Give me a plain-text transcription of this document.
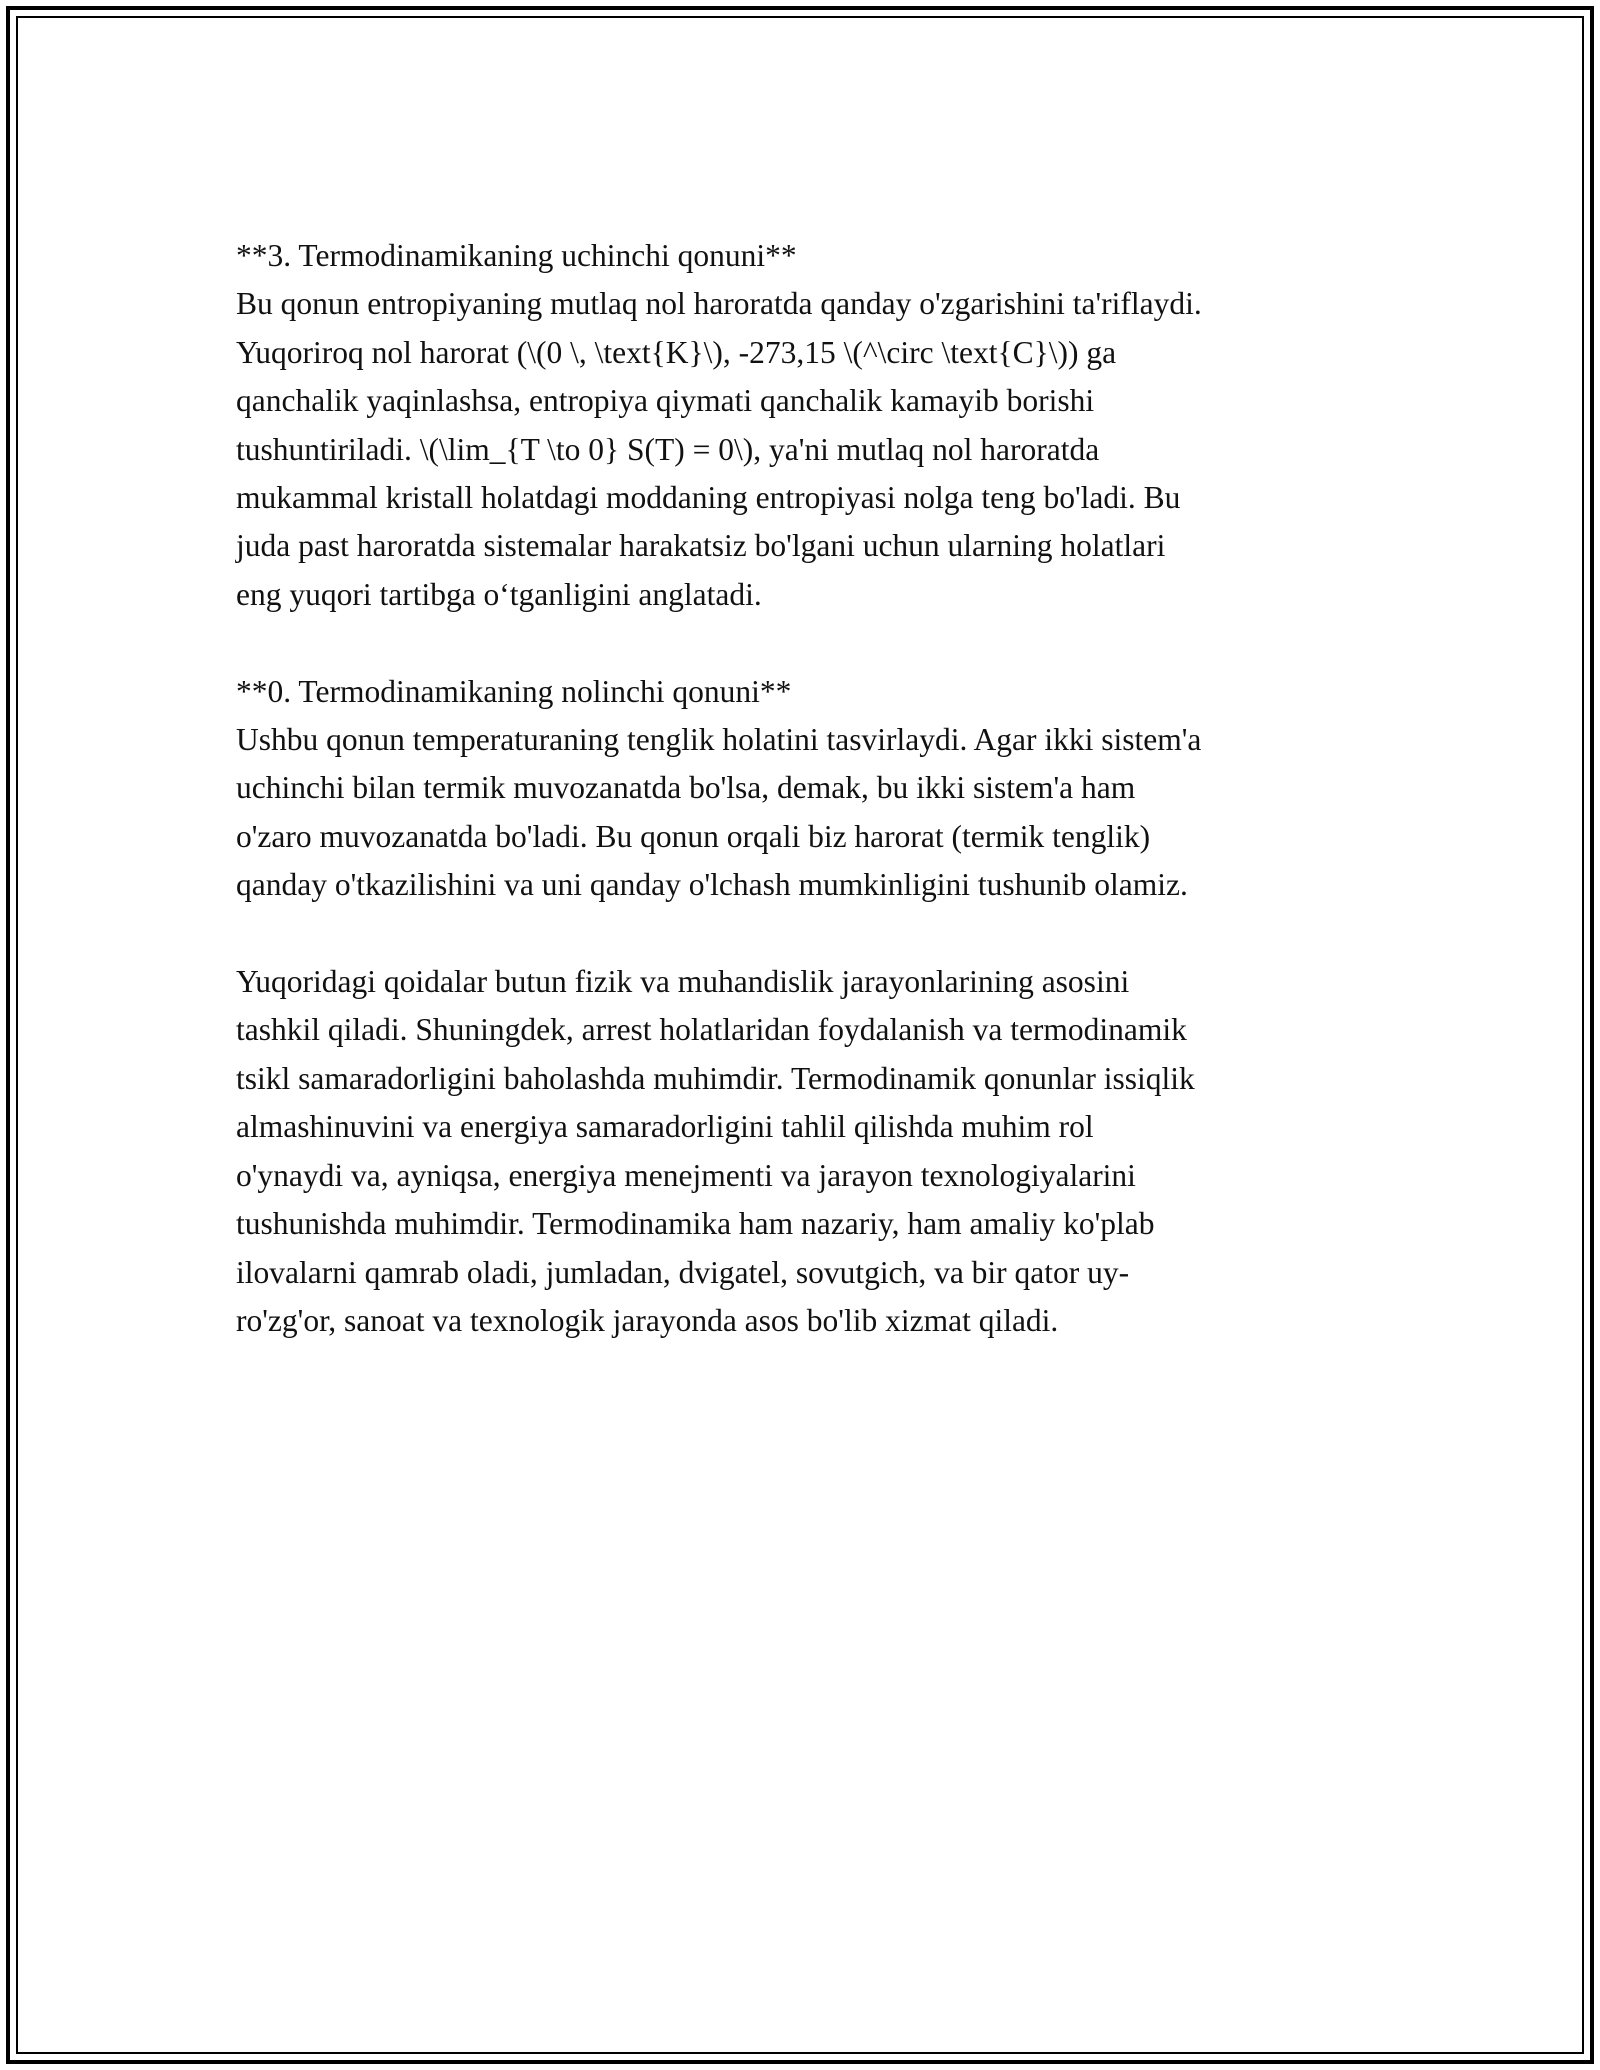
**3. Termodinamikaning uchinchi qonuni**
Bu qonun entropiyaning mutlaq nol haroratda qanday o'zgarishini ta'riflaydi.
Yuqoriroq nol harorat (\(0 \, \text{K}\), -273,15 \(^\circ \text{C}\)) ga
qanchalik yaqinlashsa, entropiya qiymati qanchalik kamayib borishi
tushuntiriladi. \(\lim_{T \to 0} S(T) = 0\), ya'ni mutlaq nol haroratda
mukammal kristall holatdagi moddaning entropiyasi nolga teng bo'ladi. Bu
juda past haroratda sistemalar harakatsiz bo'lgani uchun ularning holatlari
eng yuqori tartibga o‘tganligini anglatadi.
**0. Termodinamikaning nolinchi qonuni**
Ushbu qonun temperaturaning tenglik holatini tasvirlaydi. Agar ikki sistem'a
uchinchi bilan termik muvozanatda bo'lsa, demak, bu ikki sistem'a ham
o'zaro muvozanatda bo'ladi. Bu qonun orqali biz harorat (termik tenglik)
qanday o'tkazilishini va uni qanday o'lchash mumkinligini tushunib olamiz.
Yuqoridagi qoidalar butun fizik va muhandislik jarayonlarining asosini
tashkil qiladi. Shuningdek, arrest holatlaridan foydalanish va termodinamik
tsikl samaradorligini baholashda muhimdir. Termodinamik qonunlar issiqlik
almashinuvini va energiya samaradorligini tahlil qilishda muhim rol
o'ynaydi va, ayniqsa, energiya menejmenti va jarayon texnologiyalarini
tushunishda muhimdir. Termodinamika ham nazariy, ham amaliy ko'plab
ilovalarni qamrab oladi, jumladan, dvigatel, sovutgich, va bir qator uy-
ro'zg'or, sanoat va texnologik jarayonda asos bo'lib xizmat qiladi.
